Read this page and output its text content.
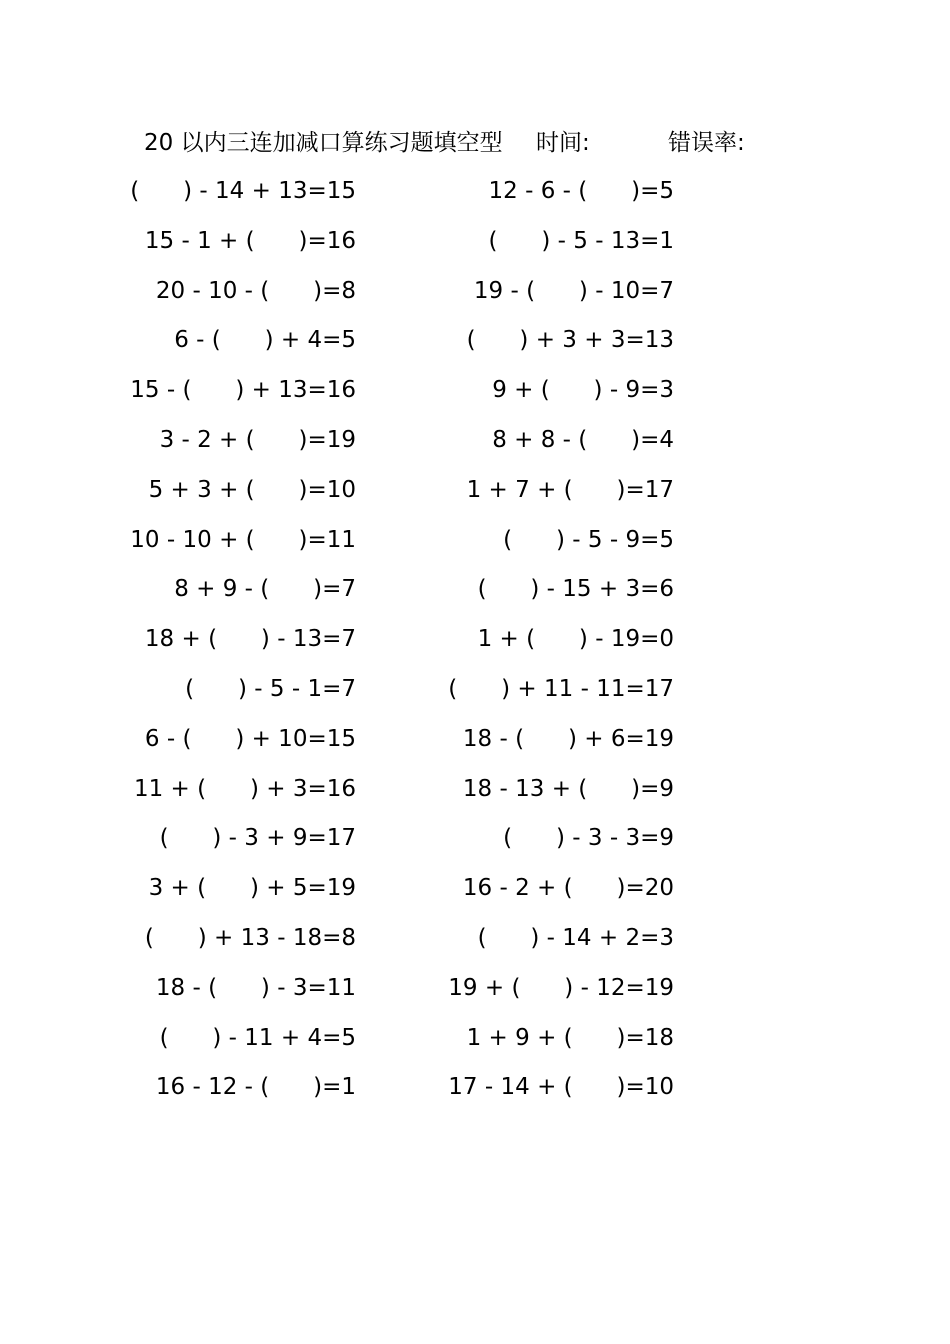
20 以内三连加减口算练习题填空型 时间:	错误率:
(      ) - 14 + 13=15	12 - 6 - (      )=5
15 - 1 + (      )=16	(      ) - 5 - 13=1
20 - 10 - (      )=8	19 - (      ) - 10=7
6 - (      ) + 4=5	(      ) + 3 + 3=13
15 - (      ) + 13=16	9 + (      ) - 9=3
3 - 2 + (      )=19	8 + 8 - (      )=4
5 + 3 + (      )=10	1 + 7 + (      )=17
10 - 10 + (      )=11	(      ) - 5 - 9=5
8 + 9 - (      )=7	(      ) - 15 + 3=6
18 + (      ) - 13=7	1 + (      ) - 19=0
(      ) - 5 - 1=7	(      ) + 11 - 11=17
6 - (      ) + 10=15	18 - (      ) + 6=19
11 + (      ) + 3=16	18 - 13 + (      )=9
(      ) - 3 + 9=17	(      ) - 3 - 3=9
3 + (      ) + 5=19	16 - 2 + (      )=20
(      ) + 13 - 18=8	(      ) - 14 + 2=3
18 - (      ) - 3=11	19 + (      ) - 12=19
(      ) - 11 + 4=5	1 + 9 + (      )=18
16 - 12 - (      )=1	17 - 14 + (      )=10
